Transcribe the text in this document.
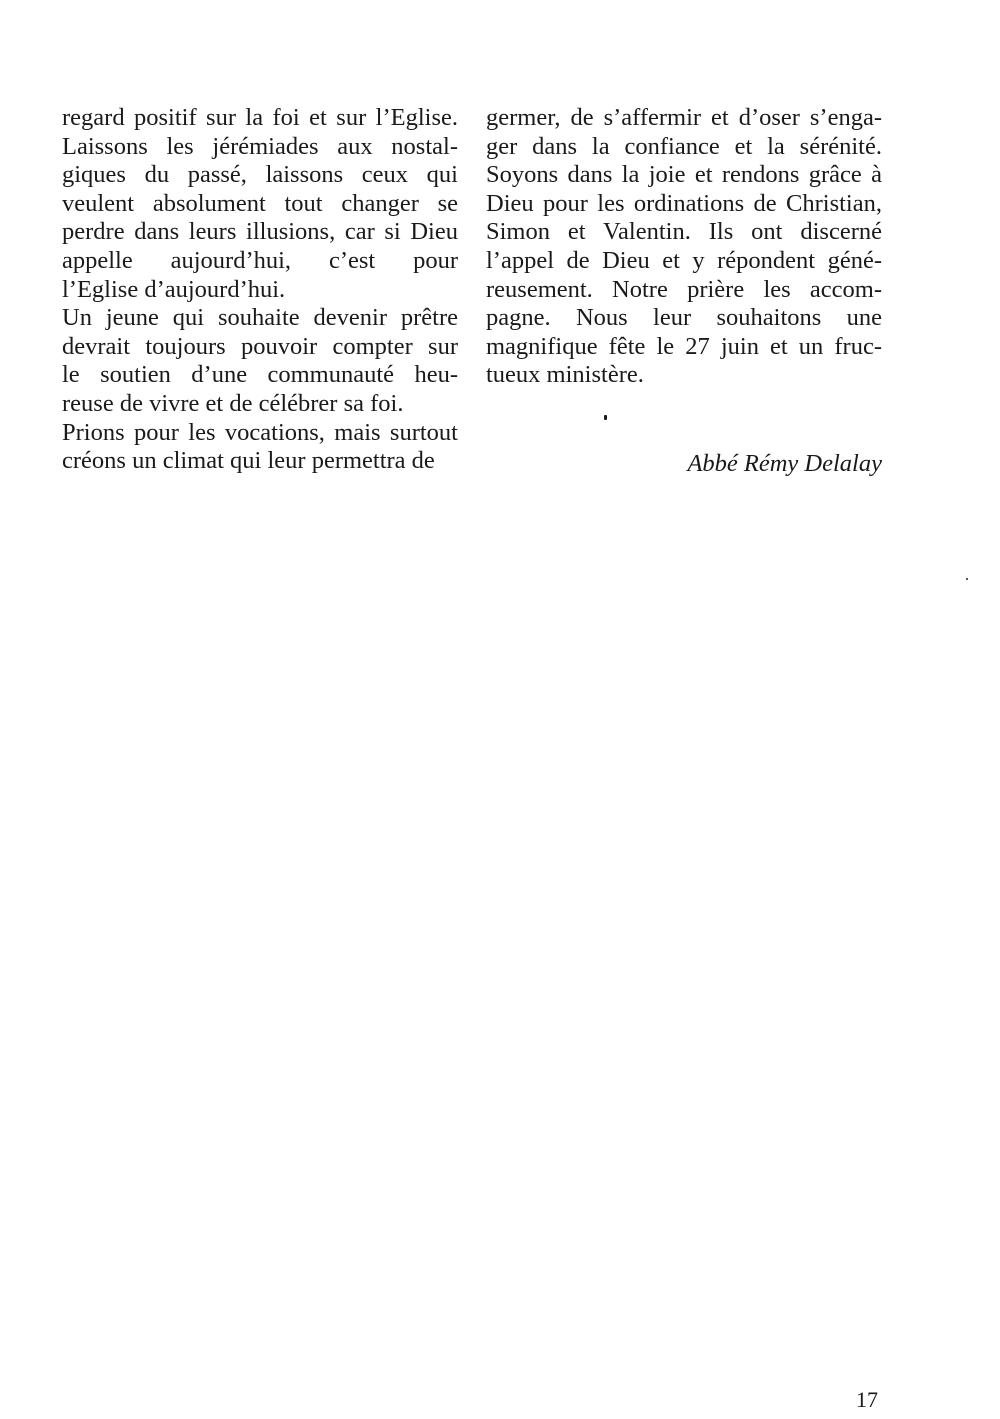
regard positif sur la foi et sur l’Eglise.
Laissons les jérémiades aux nostal-
giques du passé, laissons ceux qui
veulent absolument tout changer se
perdre dans leurs illusions, car si Dieu
appelle aujourd’hui, c’est pour
l’Eglise d’aujourd’hui.
Un jeune qui souhaite devenir prêtre
devrait toujours pouvoir compter sur
le soutien d’une communauté heu-
reuse de vivre et de célébrer sa foi.
Prions pour les vocations, mais surtout
créons un climat qui leur permettra de
germer, de s’affermir et d’oser s’enga-
ger dans la confiance et la sérénité.
Soyons dans la joie et rendons grâce à
Dieu pour les ordinations de Christian,
Simon et Valentin. Ils ont discerné
l’appel de Dieu et y répondent géné-
reusement. Notre prière les accom-
pagne. Nous leur souhaitons une
magnifique fête le 27 juin et un fruc-
tueux ministère.
Abbé Rémy Delalay
17
